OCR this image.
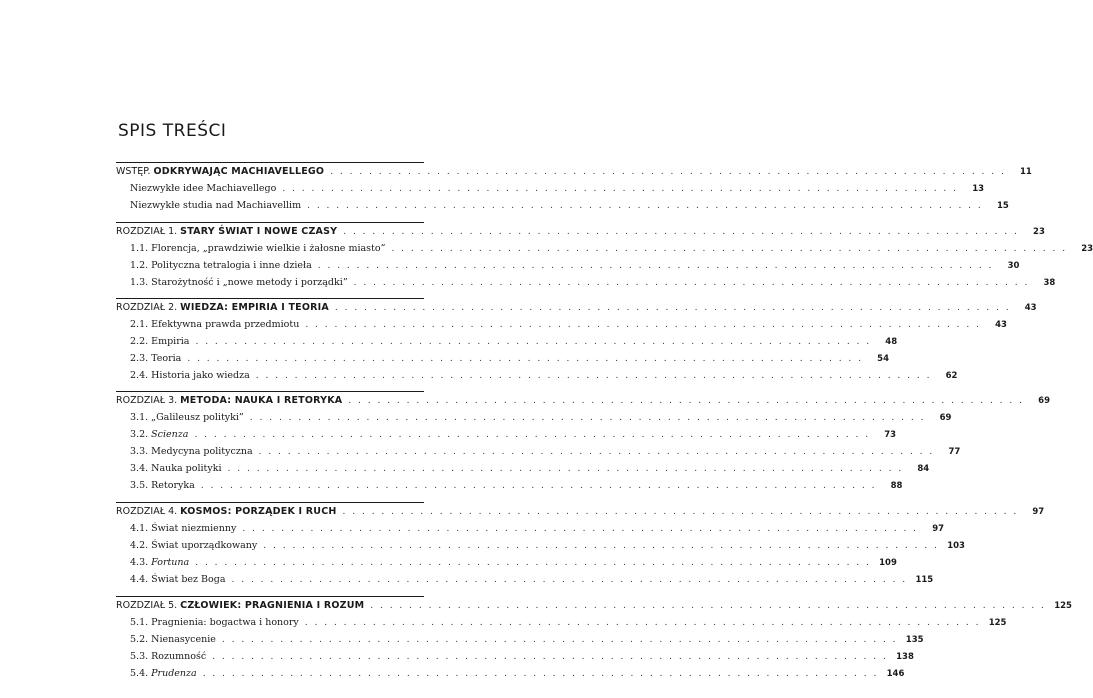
SPIS TREŚCI
WSTĘP. ODKRYWAJĄC MACHIAVELLEGO . . . . . . . . . . . . . . . . . . . . . . . . . . . . . . . . . . . . . . . . . . . . . . . . . . . . . . . . . . . . . . . . . . . . . .	11
Niezwykłe idee Machiavellego . . . . . . . . . . . . . . . . . . . . . . . . . . . . . . . . . . . . . . . . . . . . . . . . . . . . . . . . . . . . . . . . . . . . . .	13
Niezwykłe studia nad Machiavellim . . . . . . . . . . . . . . . . . . . . . . . . . . . . . . . . . . . . . . . . . . . . . . . . . . . . . . . . . . . . . . . . . . . . . .	15
ROZDZIAŁ 1. STARY ŚWIAT I NOWE CZASY . . . . . . . . . . . . . . . . . . . . . . . . . . . . . . . . . . . . . . . . . . . . . . . . . . . . . . . . . . . . . . . . . . . . . .	23
1.1. Florencja, „prawdziwie wielkie i żałosne miasto” . . . . . . . . . . . . . . . . . . . . . . . . . . . . . . . . . . . . . . . . . . . . . . . . . . . . . . . . . . . . . . . . . . . . . .	23
1.2. Polityczna tetralogia i inne dzieła . . . . . . . . . . . . . . . . . . . . . . . . . . . . . . . . . . . . . . . . . . . . . . . . . . . . . . . . . . . . . . . . . . . . . .	30
1.3. Starożytność i „nowe metody i porządki” . . . . . . . . . . . . . . . . . . . . . . . . . . . . . . . . . . . . . . . . . . . . . . . . . . . . . . . . . . . . . . . . . . . . . .	38
ROZDZIAŁ 2. WIEDZA: EMPIRIA I TEORIA . . . . . . . . . . . . . . . . . . . . . . . . . . . . . . . . . . . . . . . . . . . . . . . . . . . . . . . . . . . . . . . . . . . . . .	43
2.1. Efektywna prawda przedmiotu . . . . . . . . . . . . . . . . . . . . . . . . . . . . . . . . . . . . . . . . . . . . . . . . . . . . . . . . . . . . . . . . . . . . . .	43
2.2. Empiria . . . . . . . . . . . . . . . . . . . . . . . . . . . . . . . . . . . . . . . . . . . . . . . . . . . . . . . . . . . . . . . . . . . . . .	48
2.3. Teoria . . . . . . . . . . . . . . . . . . . . . . . . . . . . . . . . . . . . . . . . . . . . . . . . . . . . . . . . . . . . . . . . . . . . . .	54
2.4. Historia jako wiedza . . . . . . . . . . . . . . . . . . . . . . . . . . . . . . . . . . . . . . . . . . . . . . . . . . . . . . . . . . . . . . . . . . . . . .	62
ROZDZIAŁ 3. METODA: NAUKA I RETORYKA . . . . . . . . . . . . . . . . . . . . . . . . . . . . . . . . . . . . . . . . . . . . . . . . . . . . . . . . . . . . . . . . . . . . . .	69
3.1. „Galileusz polityki” . . . . . . . . . . . . . . . . . . . . . . . . . . . . . . . . . . . . . . . . . . . . . . . . . . . . . . . . . . . . . . . . . . . . . .	69
3.2. Scienza . . . . . . . . . . . . . . . . . . . . . . . . . . . . . . . . . . . . . . . . . . . . . . . . . . . . . . . . . . . . . . . . . . . . . .	73
3.3. Medycyna polityczna . . . . . . . . . . . . . . . . . . . . . . . . . . . . . . . . . . . . . . . . . . . . . . . . . . . . . . . . . . . . . . . . . . . . . .	77
3.4. Nauka polityki . . . . . . . . . . . . . . . . . . . . . . . . . . . . . . . . . . . . . . . . . . . . . . . . . . . . . . . . . . . . . . . . . . . . . .	84
3.5. Retoryka . . . . . . . . . . . . . . . . . . . . . . . . . . . . . . . . . . . . . . . . . . . . . . . . . . . . . . . . . . . . . . . . . . . . . .	88
ROZDZIAŁ 4. KOSMOS: PORZĄDEK I RUCH . . . . . . . . . . . . . . . . . . . . . . . . . . . . . . . . . . . . . . . . . . . . . . . . . . . . . . . . . . . . . . . . . . . . . .	97
4.1. Świat niezmienny . . . . . . . . . . . . . . . . . . . . . . . . . . . . . . . . . . . . . . . . . . . . . . . . . . . . . . . . . . . . . . . . . . . . . .	97
4.2. Świat uporządkowany . . . . . . . . . . . . . . . . . . . . . . . . . . . . . . . . . . . . . . . . . . . . . . . . . . . . . . . . . . . . . . . . . . . . . . 103
4.3. Fortuna . . . . . . . . . . . . . . . . . . . . . . . . . . . . . . . . . . . . . . . . . . . . . . . . . . . . . . . . . . . . . . . . . . . . . . 109
4.4. Świat bez Boga . . . . . . . . . . . . . . . . . . . . . . . . . . . . . . . . . . . . . . . . . . . . . . . . . . . . . . . . . . . . . . . . . . . . . . 115
ROZDZIAŁ 5. CZŁOWIEK: PRAGNIENIA I ROZUM . . . . . . . . . . . . . . . . . . . . . . . . . . . . . . . . . . . . . . . . . . . . . . . . . . . . . . . . . . . . . . . . . . . . . . 125
5.1. Pragnienia: bogactwa i honory . . . . . . . . . . . . . . . . . . . . . . . . . . . . . . . . . . . . . . . . . . . . . . . . . . . . . . . . . . . . . . . . . . . . . . 125
5.2. Nienasycenie . . . . . . . . . . . . . . . . . . . . . . . . . . . . . . . . . . . . . . . . . . . . . . . . . . . . . . . . . . . . . . . . . . . . . . 135
5.3. Rozumność . . . . . . . . . . . . . . . . . . . . . . . . . . . . . . . . . . . . . . . . . . . . . . . . . . . . . . . . . . . . . . . . . . . . . . 138
5.4. Prudenza . . . . . . . . . . . . . . . . . . . . . . . . . . . . . . . . . . . . . . . . . . . . . . . . . . . . . . . . . . . . . . . . . . . . . . 146
